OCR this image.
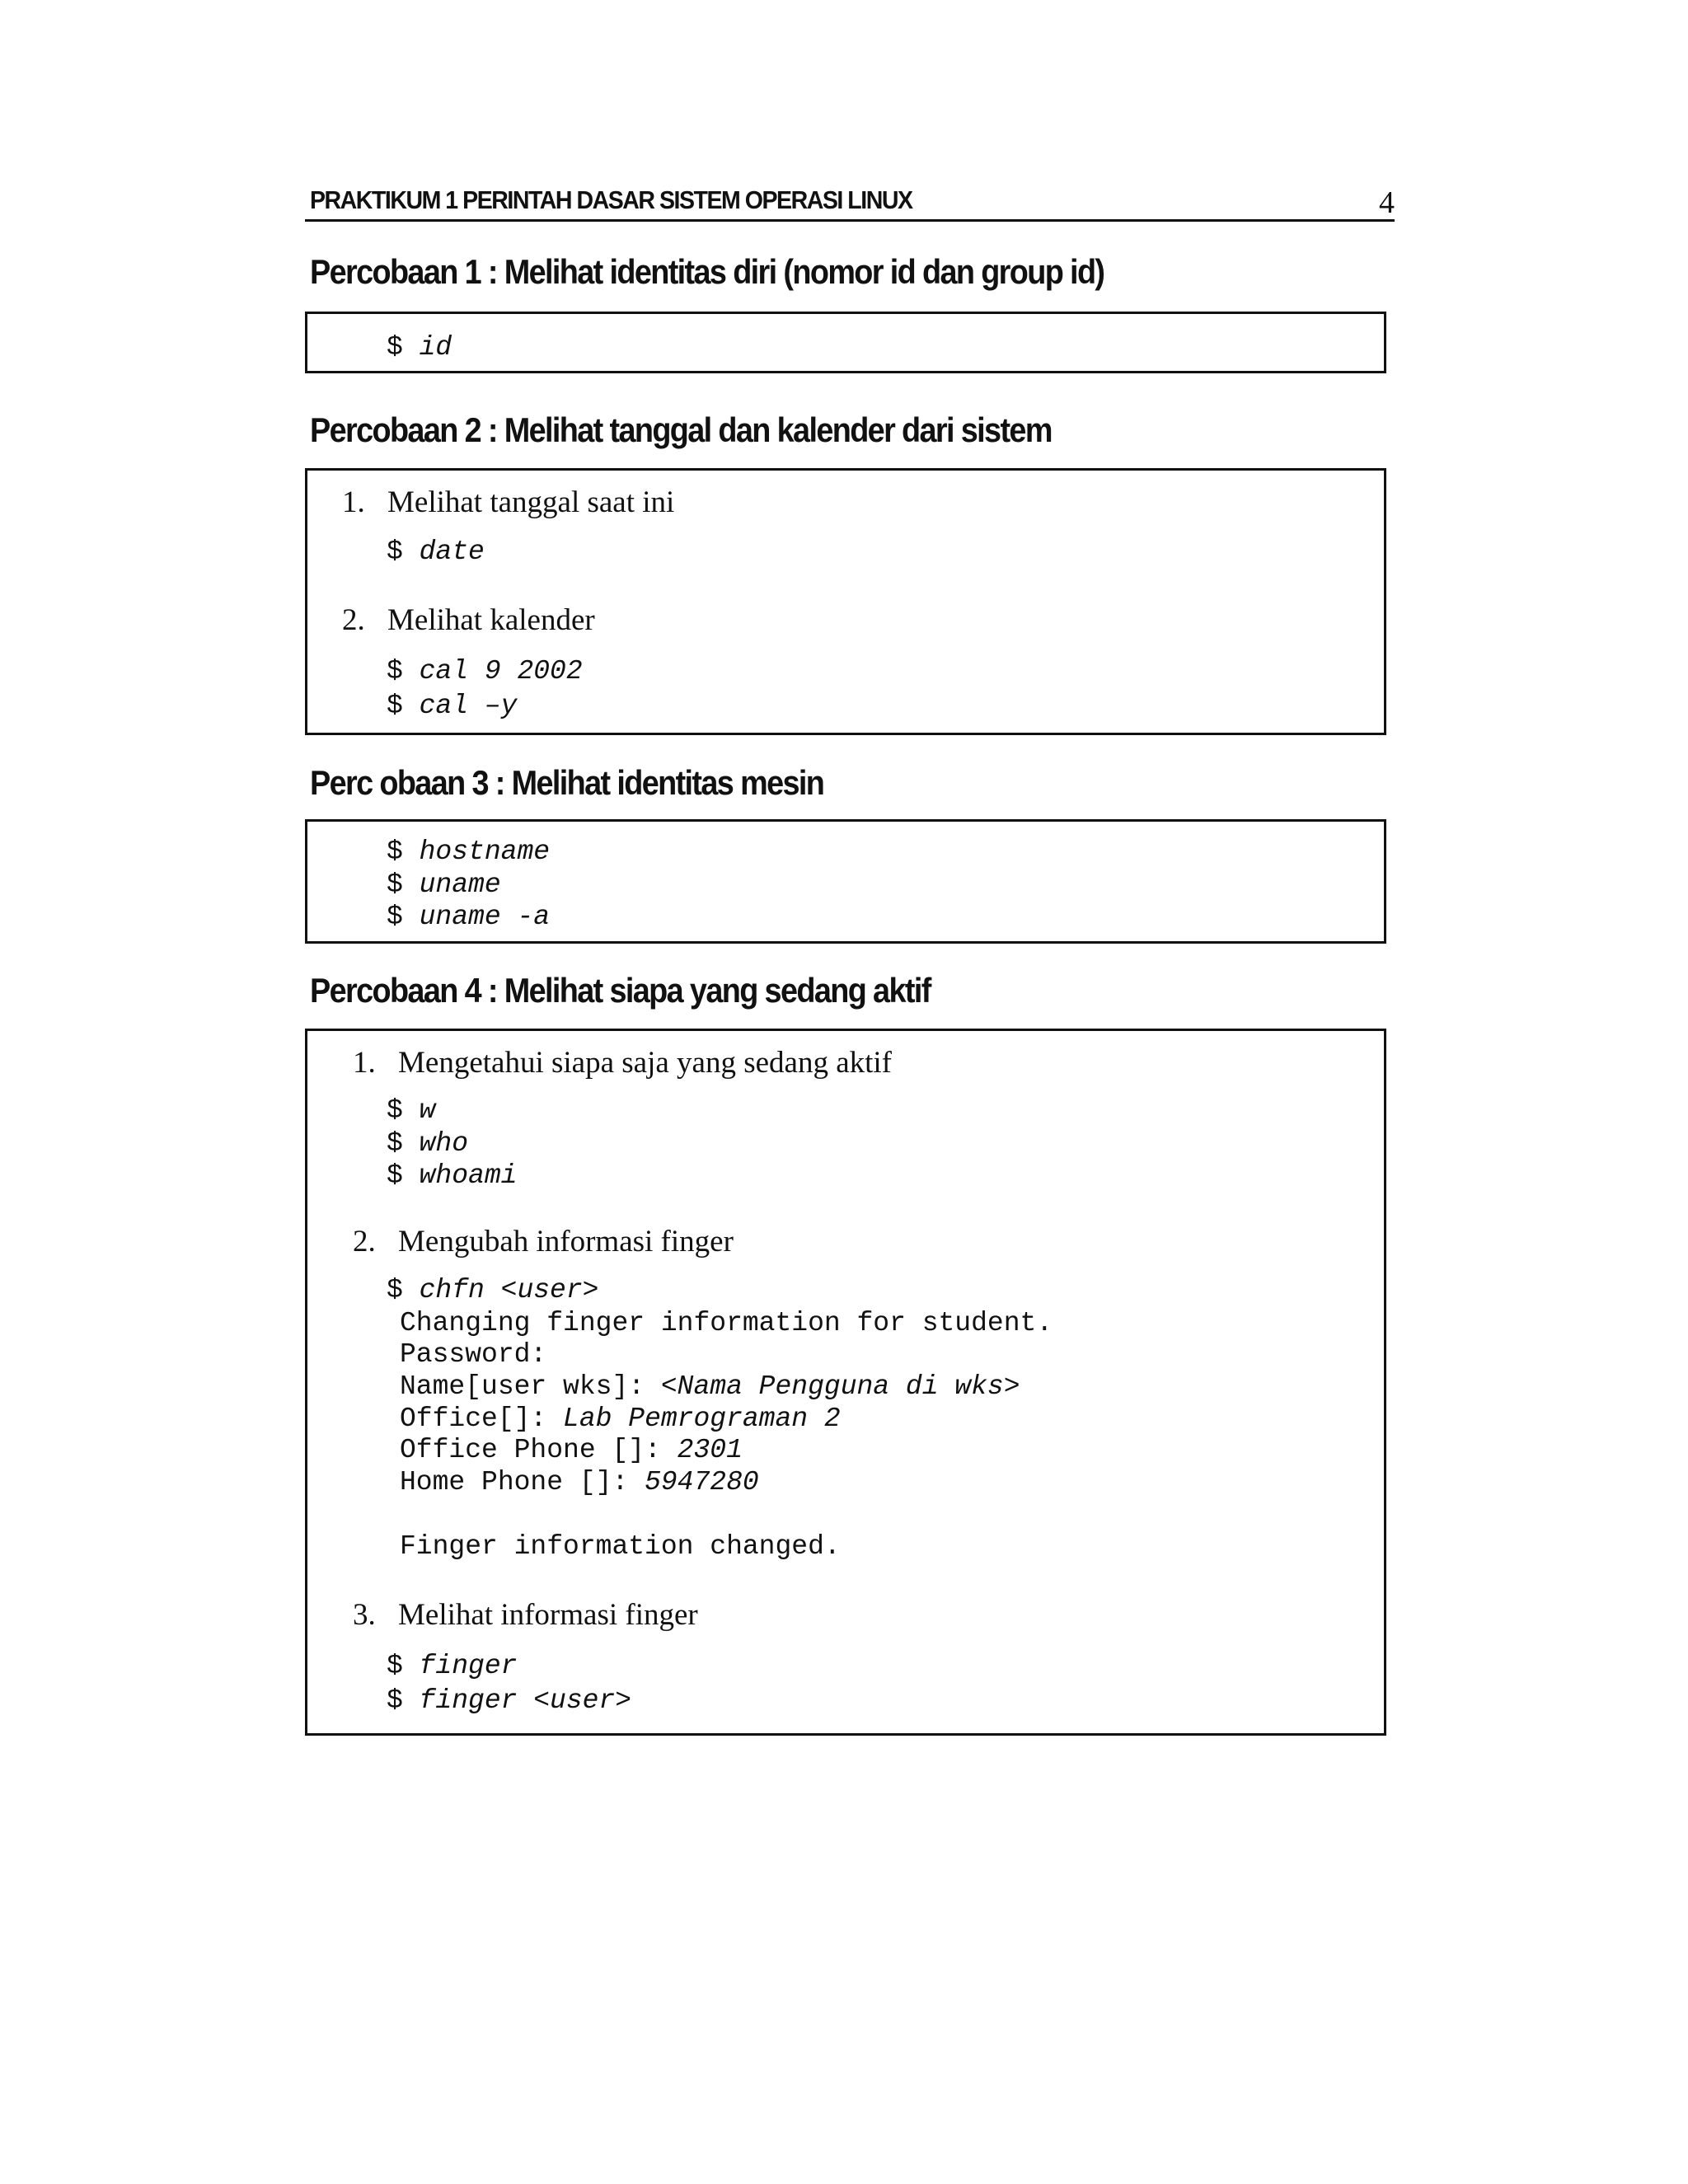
PRAKTIKUM 1 PERINTAH DASAR SISTEM OPERASI LINUX	4
Percobaan 1 : Melihat identitas diri (nomor id dan group id)
$ id
Percobaan 2 : Melihat tanggal dan kalender dari sistem
1. Melihat tanggal saat ini
$ date
2. Melihat kalender
$ cal 9 2002
$ cal –y
Perc obaan 3 : Melihat identitas mesin
$ hostname
$ uname
$ uname -a
Percobaan 4 : Melihat siapa yang sedang aktif
1. Mengetahui siapa saja yang sedang aktif
$ w
$ who
$ whoami
2. Mengubah informasi finger
$ chfn <user>
Changing finger information for student.
Password:
Name[user wks]: <Nama Pengguna di wks>
Office[]: Lab Pemrograman 2
Office Phone []: 2301
Home Phone []: 5947280
Finger information changed.
3. Melihat informasi finger
$ finger
$ finger <user>
